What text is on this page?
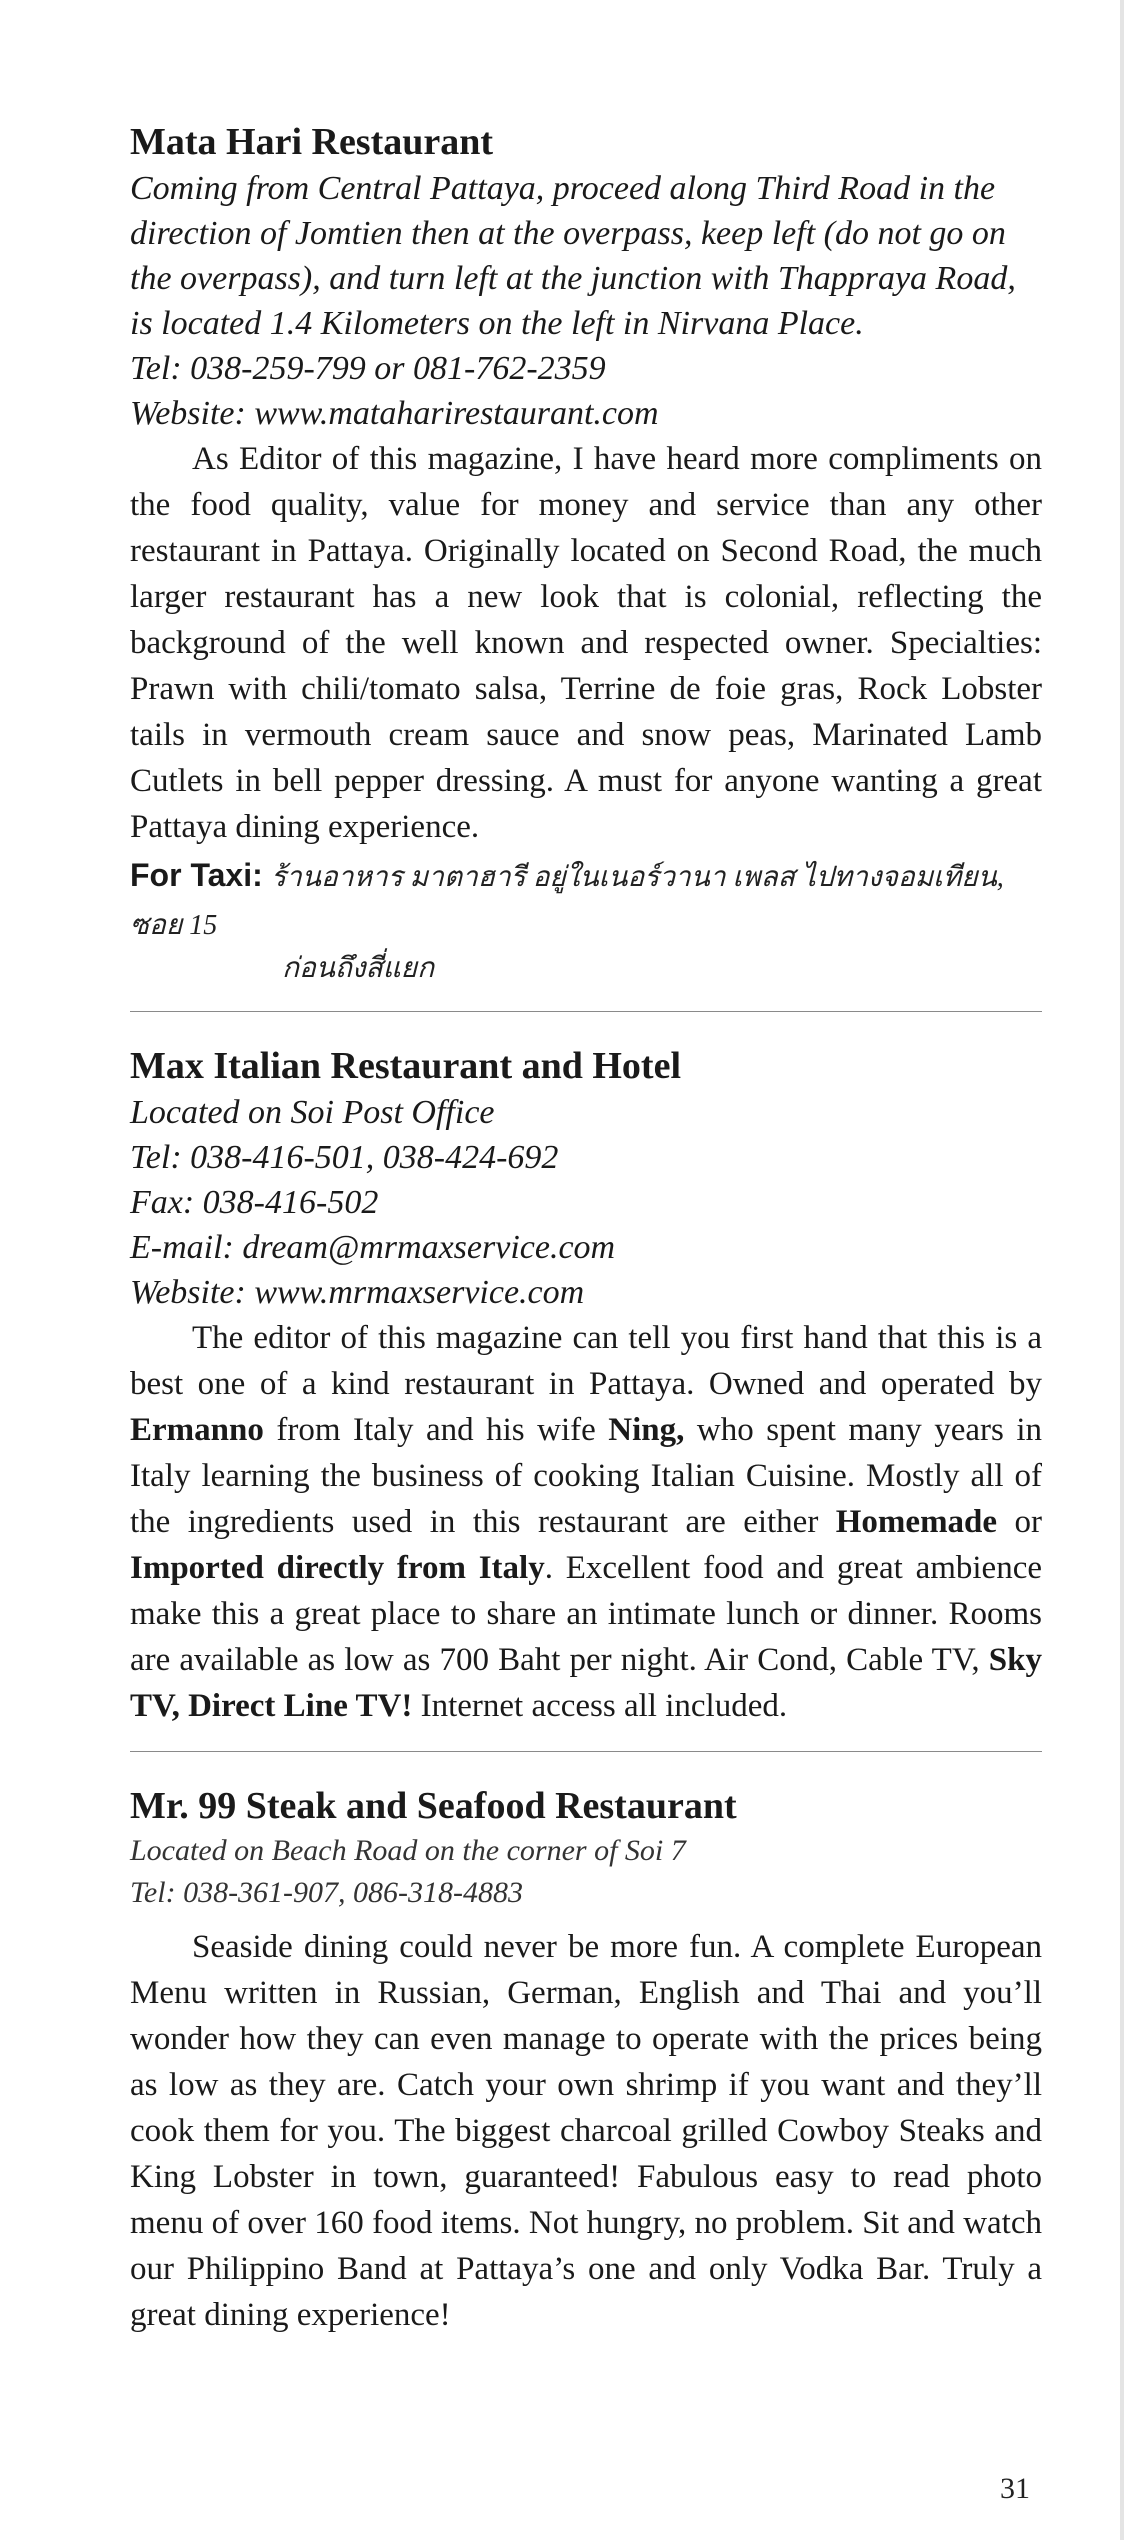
Mata Hari Restaurant
Coming from Central Pattaya, proceed along Third Road in the
direction of Jomtien then at the overpass, keep left (do not go on
the overpass), and turn left at the junction with Thappraya Road,
is located 1.4 Kilometers on the left in Nirvana Place.
Tel: 038-259-799 or 081-762-2359
Website: www.mataharirestaurant.com

As Editor of this magazine, I have heard more compliments on the food quality, value for money and service than any other restaurant in Pattaya. Originally located on Second Road, the much larger restaurant has a new look that is colonial, reflecting the background of the well known and respected owner. Specialties: Prawn with chili/tomato salsa, Terrine de foie gras, Rock Lobster tails in vermouth cream sauce and snow peas, Marinated Lamb Cutlets in bell pepper dressing. A must for anyone wanting a great Pattaya dining experience.

For Taxi: ร้านอาหาร มาตาฮารี อยู่ในเนอร์วานา เพลส ไปทางจอมเทียน, ซอย 15
ก่อนถึงสี่แยก
Max Italian Restaurant and Hotel
Located on Soi Post Office
Tel: 038-416-501, 038-424-692
Fax: 038-416-502
E-mail: dream@mrmaxservice.com
Website: www.mrmaxservice.com

The editor of this magazine can tell you first hand that this is a best one of a kind restaurant in Pattaya. Owned and operated by Ermanno from Italy and his wife Ning, who spent many years in Italy learning the business of cooking Italian Cuisine. Mostly all of the ingredients used in this restaurant are either Homemade or Imported directly from Italy. Excellent food and great ambience make this a great place to share an intimate lunch or dinner. Rooms are available as low as 700 Baht per night. Air Cond, Cable TV, Sky TV, Direct Line TV! Internet access all included.

Mr. 99 Steak and Seafood Restaurant
Located on Beach Road on the corner of Soi 7
Tel: 038-361-907, 086-318-4883

Seaside dining could never be more fun. A complete European Menu written in Russian, German, English and Thai and you’ll wonder how they can even manage to operate with the prices being as low as they are. Catch your own shrimp if you want and they’ll cook them for you. The biggest charcoal grilled Cowboy Steaks and King Lobster in town, guaranteed! Fabulous easy to read photo menu of over 160 food items. Not hungry, no problem. Sit and watch our Philippino Band at Pattaya’s one and only Vodka Bar. Truly a great dining experience!

31
